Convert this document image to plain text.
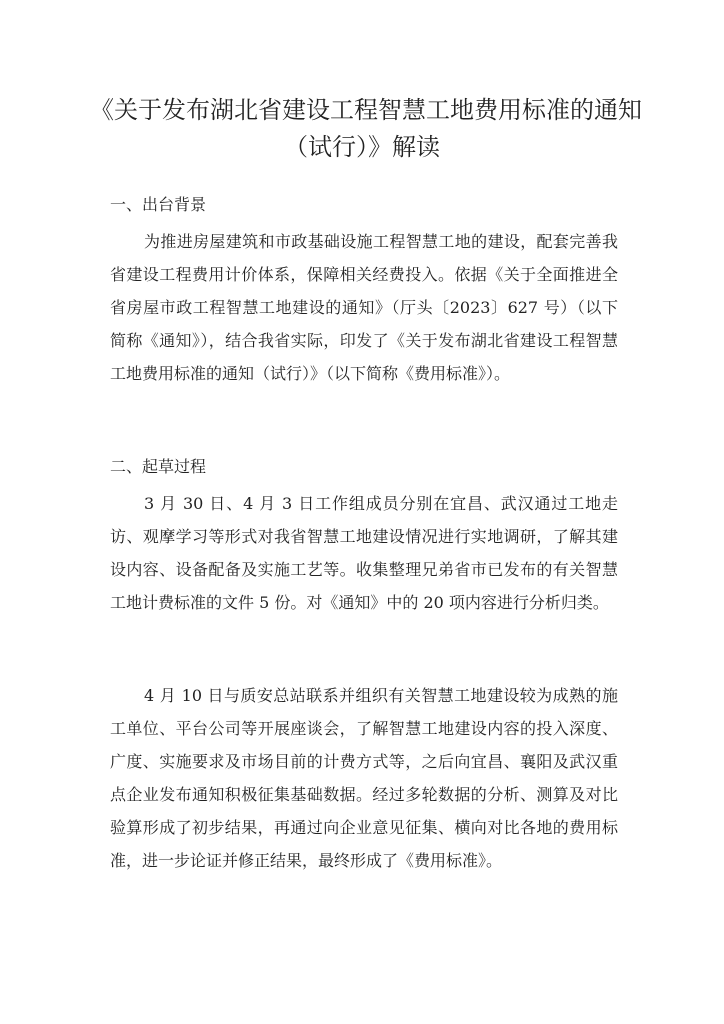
《关于发布湖北省建设工程智慧工地费用标准的通知
（试行）》解读
一、出台背景

为推进房屋建筑和市政基础设施工程智慧工地的建设，配套完善我省建设工程费用计价体系，保障相关经费投入。依据《关于全面推进全省房屋市政工程智慧工地建设的通知》（厅头〔2023〕627 号）（以下简称《通知》），结合我省实际，印发了《关于发布湖北省建设工程智慧工地费用标准的通知（试行）》（以下简称《费用标准》）。

二、起草过程

3 月 30 日、4 月 3 日工作组成员分别在宜昌、武汉通过工地走访、观摩学习等形式对我省智慧工地建设情况进行实地调研，了解其建设内容、设备配备及实施工艺等。收集整理兄弟省市已发布的有关智慧工地计费标准的文件 5 份。对《通知》中的 20 项内容进行分析归类。

4 月 10 日与质安总站联系并组织有关智慧工地建设较为成熟的施工单位、平台公司等开展座谈会，了解智慧工地建设内容的投入深度、广度、实施要求及市场目前的计费方式等，之后向宜昌、襄阳及武汉重点企业发布通知积极征集基础数据。经过多轮数据的分析、测算及对比验算形成了初步结果，再通过向企业意见征集、横向对比各地的费用标准，进一步论证并修正结果，最终形成了《费用标准》。
